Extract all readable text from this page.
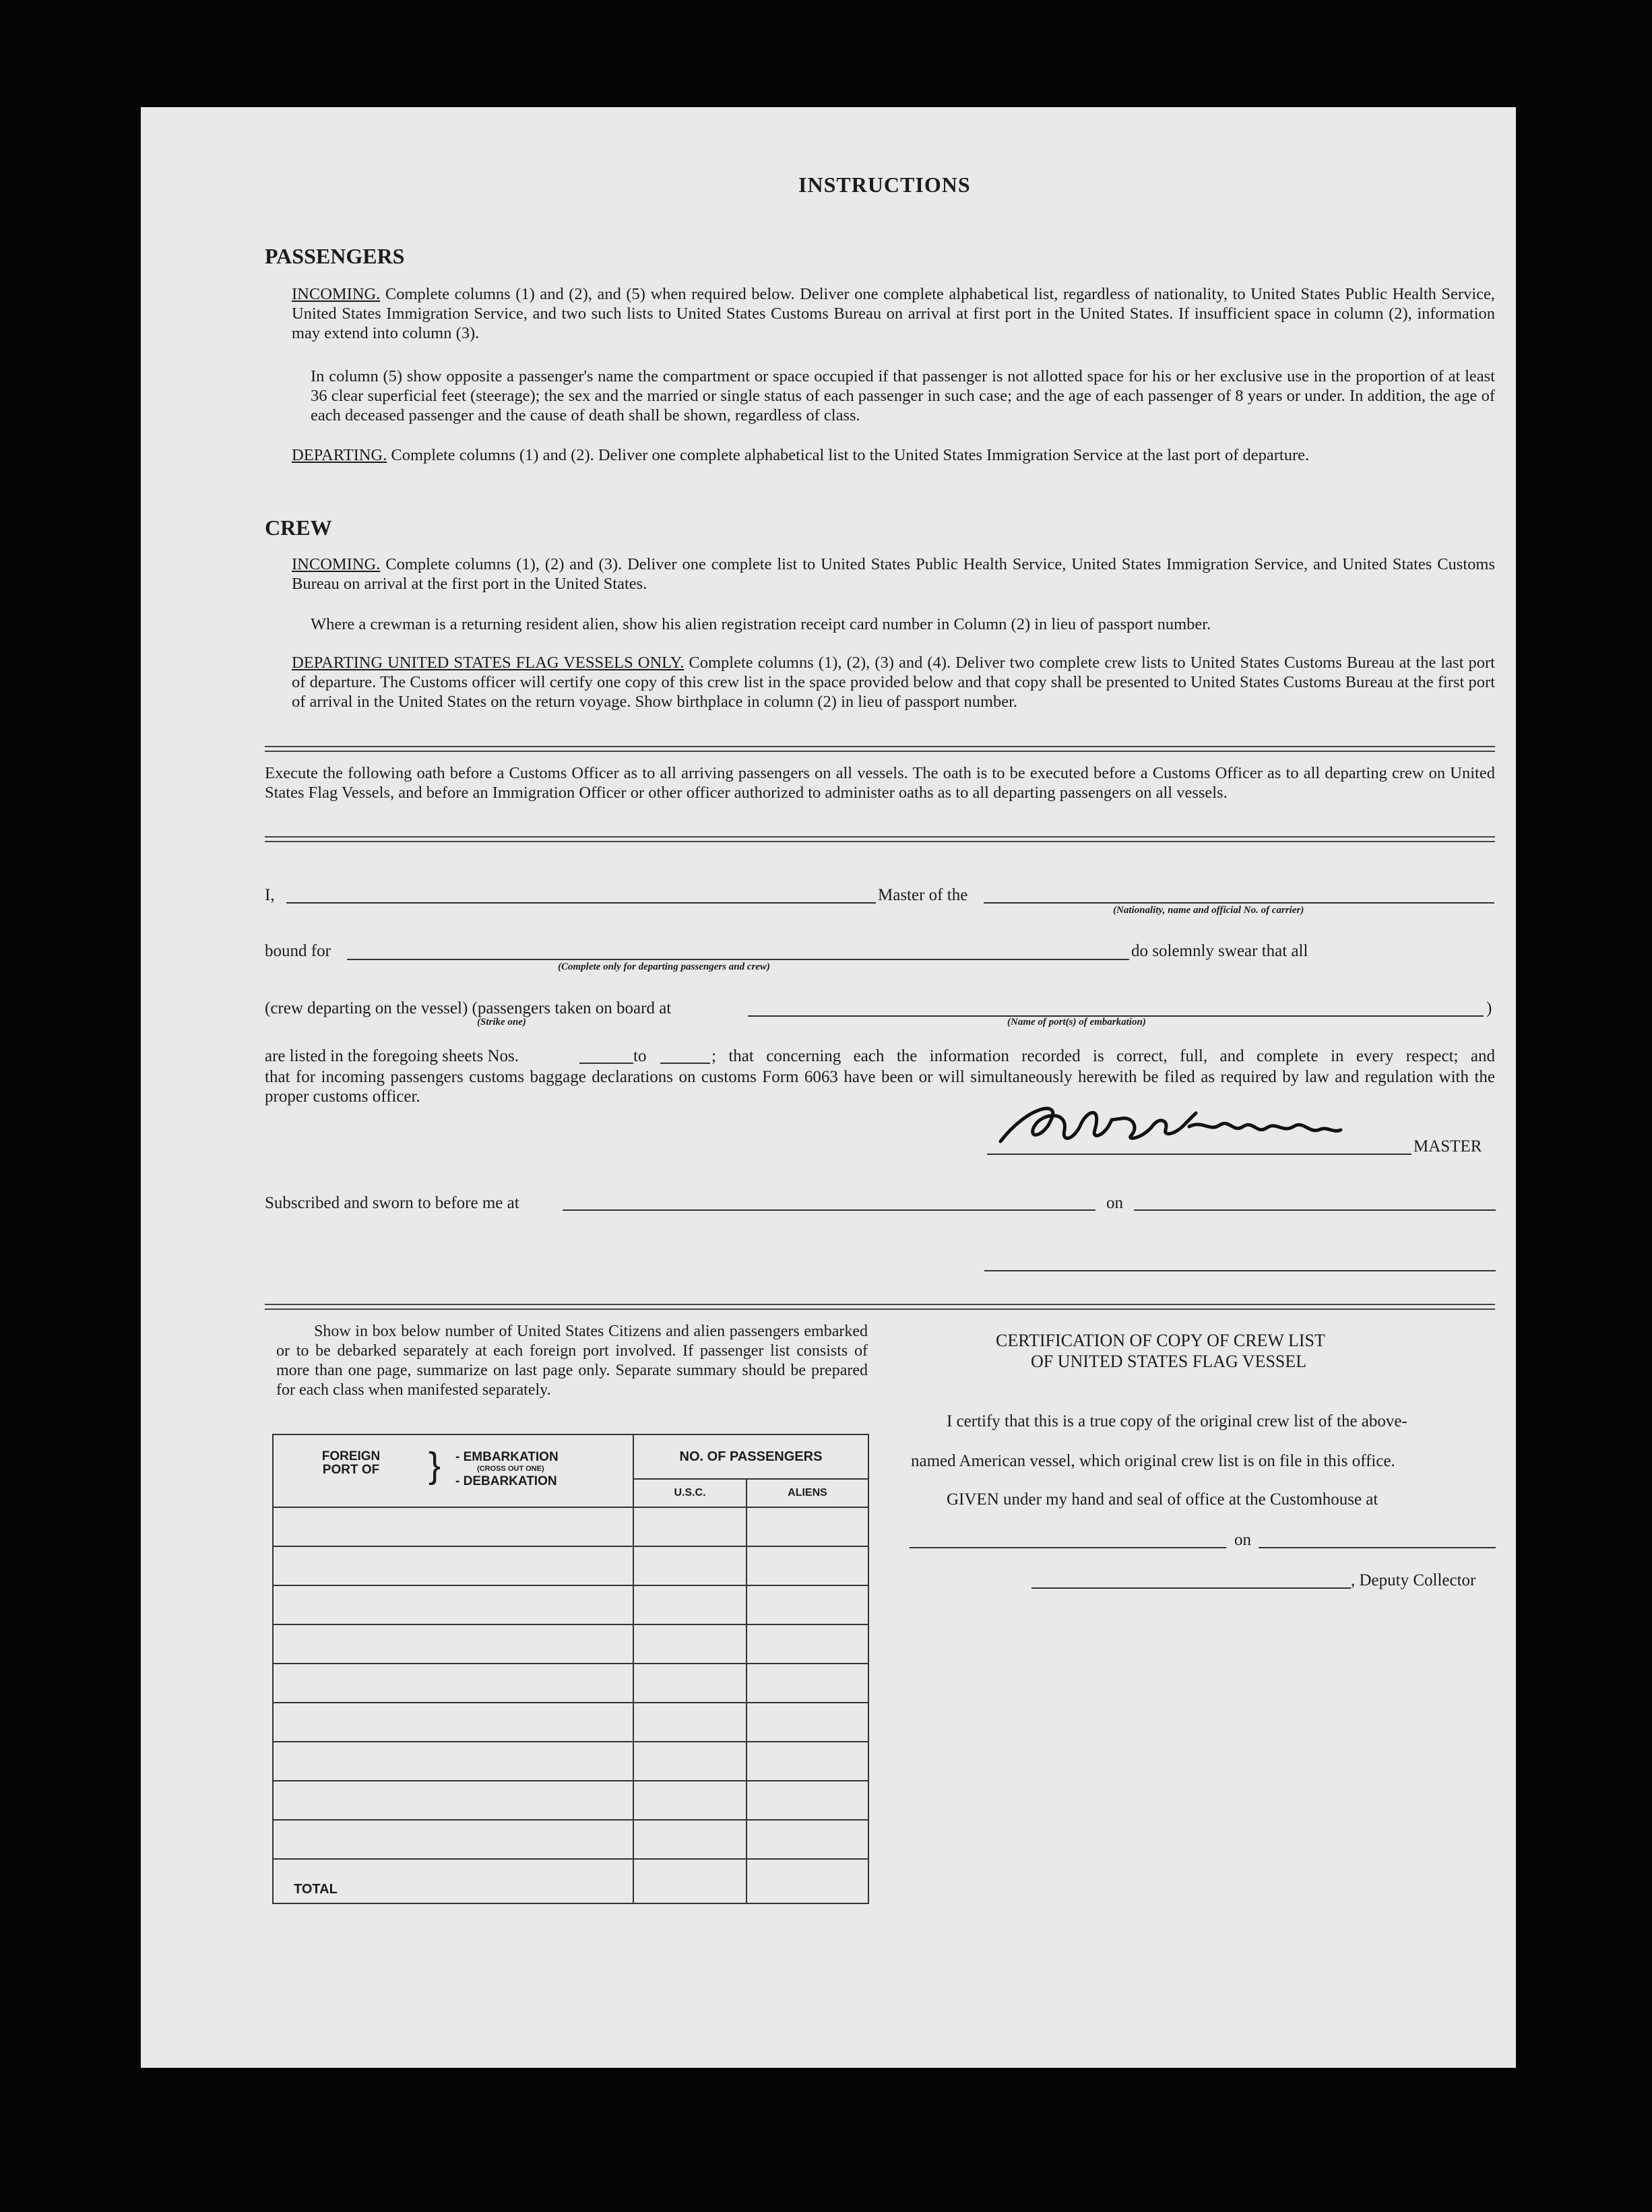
INSTRUCTIONS
PASSENGERS

INCOMING. Complete columns (1) and (2), and (5) when required below. Deliver one complete alphabetical list, regardless of nationality, to United States Public Health Service, United States Immigration Service, and two such lists to United States Customs Bureau on arrival at first port in the United States. If insufficient space in column (2), information may extend into column (3).

In column (5) show opposite a passenger's name the compartment or space occupied if that passenger is not allotted space for his or her exclusive use in the proportion of at least 36 clear superficial feet (steerage); the sex and the married or single status of each passenger in such case; and the age of each passenger of 8 years or under. In addition, the age of each deceased passenger and the cause of death shall be shown, regardless of class.

DEPARTING. Complete columns (1) and (2). Deliver one complete alphabetical list to the United States Immigration Service at the last port of departure.

CREW

INCOMING. Complete columns (1), (2) and (3). Deliver one complete list to United States Public Health Service, United States Immigration Service, and United States Customs Bureau on arrival at the first port in the United States.

Where a crewman is a returning resident alien, show his alien registration receipt card number in Column (2) in lieu of passport number.

DEPARTING UNITED STATES FLAG VESSELS ONLY. Complete columns (1), (2), (3) and (4). Deliver two complete crew lists to United States Customs Bureau at the last port of departure. The Customs officer will certify one copy of this crew list in the space provided below and that copy shall be presented to United States Customs Bureau at the first port of arrival in the United States on the return voyage. Show birthplace in column (2) in lieu of passport number.

Execute the following oath before a Customs Officer as to all arriving passengers on all vessels. The oath is to be executed before a Customs Officer as to all departing crew on United States Flag Vessels, and before an Immigration Officer or other officer authorized to administer oaths as to all departing passengers on all vessels.
I,	Master of the
(Nationality, name and official No. of carrier)
bound for
(Complete only for departing passengers and crew)
do solemnly swear that all
(crew departing on the vessel) (passengers taken on board at
(Strike one)	(Name of port(s) of embarkation)
)
are listed in the foregoing sheets Nos.	to	; that concerning each the information recorded is correct, full, and complete in every respect; and
that for incoming passengers customs baggage declarations on customs Form 6063 have been or will simultaneously herewith be filed as required by law and regulation with the proper customs officer.
MASTER
Subscribed and sworn to before me at	on
Show in box below number of United States Citizens and alien passengers embarked or to be debarked separately at each foreign port involved. If passenger list consists of more than one page, summarize on last page only. Separate summary should be prepared for each class when manifested separately.
FOREIGN PORT OF } - EMBARKATION
(CROSS OUT ONE)
- DEBARKATION	NO. OF PASSENGERS	
	U.S.C.	ALIENS

TOTAL		
CERTIFICATION OF COPY OF CREW LIST
OF UNITED STATES FLAG VESSEL
I certify that this is a true copy of the original crew list of the above-
named American vessel, which original crew list is on file in this office.
GIVEN under my hand and seal of office at the Customhouse at
on
, Deputy Collector
